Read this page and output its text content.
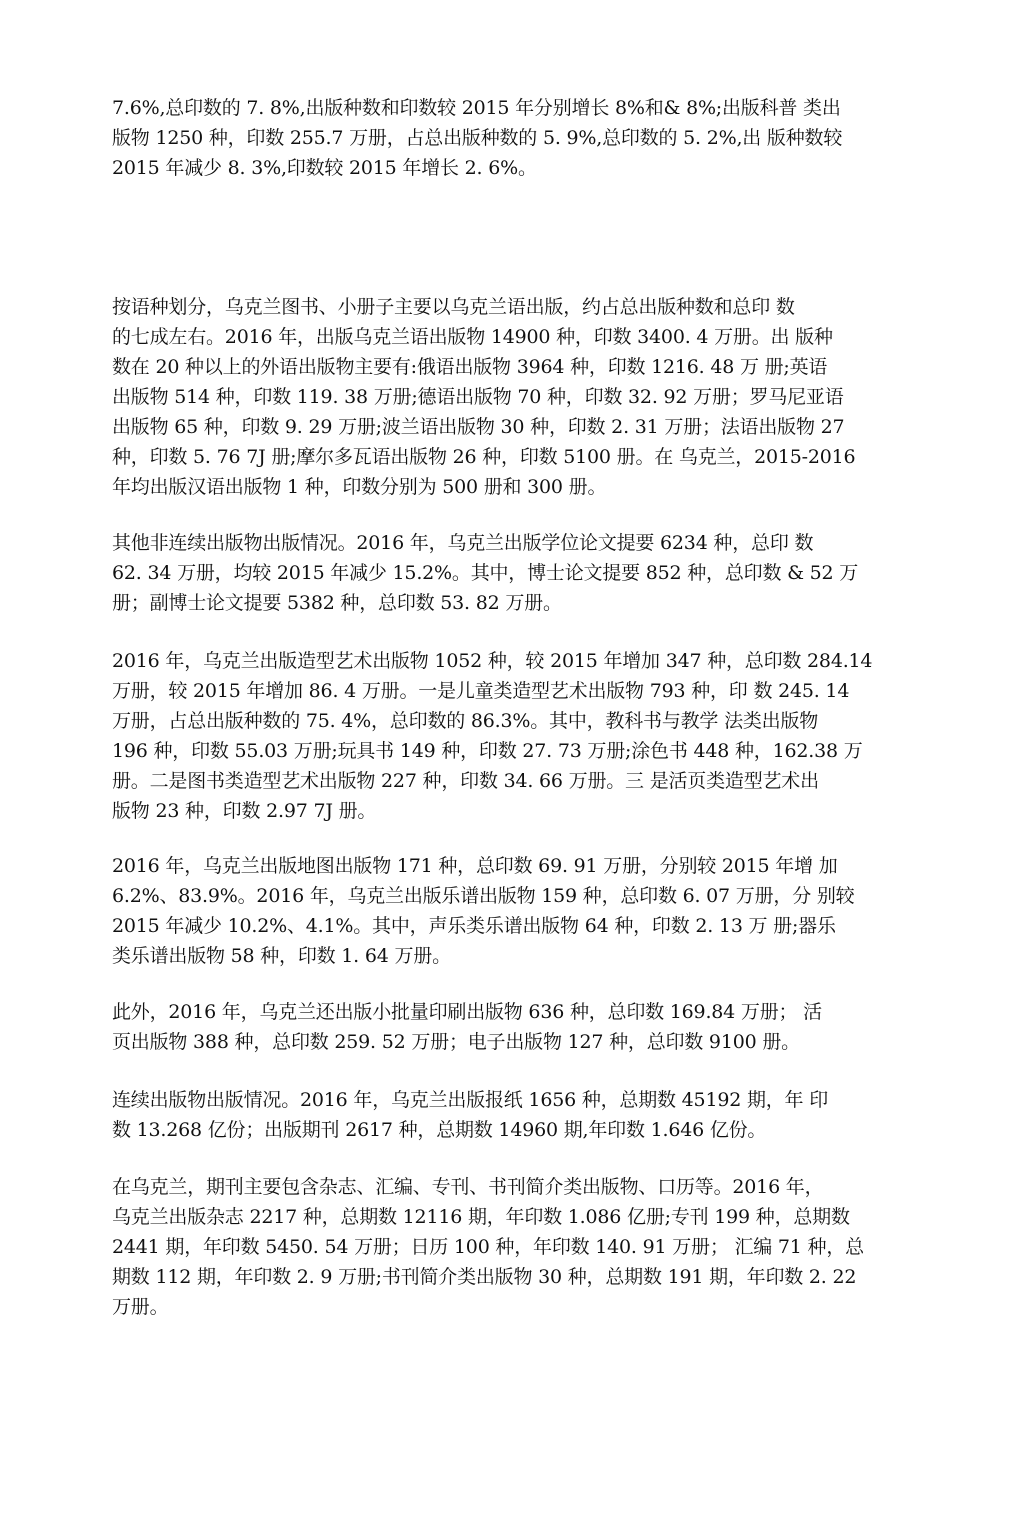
7.6%,总印数的 7. 8%,出版种数和印数较 2015 年分别增长 8%和& 8%;出版科普 类出
版物 1250 种，印数 255.7 万册，占总出版种数的 5. 9%,总印数的 5. 2%,出 版种数较
2015 年减少 8. 3%,印数较 2015 年增长 2. 6%。
按语种划分，乌克兰图书、小册子主要以乌克兰语出版，约占总出版种数和总印 数
的七成左右。2016 年，出版乌克兰语出版物 14900 种，印数 3400. 4 万册。出 版种
数在 20 种以上的外语出版物主要有:俄语出版物 3964 种，印数 1216. 48 万 册;英语
出版物 514 种，印数 119. 38 万册;德语出版物 70 种，印数 32. 92 万册；罗马尼亚语
出版物 65 种，印数 9. 29 万册;波兰语出版物 30 种，印数 2. 31 万册；法语出版物 27
种，印数 5. 76 7J 册;摩尔多瓦语出版物 26 种，印数 5100 册。在 乌克兰，2015-2016
年均出版汉语出版物 1 种，印数分别为 500 册和 300 册。
其他非连续出版物出版情况。2016 年，乌克兰出版学位论文提要 6234 种，总印 数
62. 34 万册，均较 2015 年减少 15.2%。其中，博士论文提要 852 种，总印数 & 52 万
册；副博士论文提要 5382 种，总印数 53. 82 万册。
2016 年，乌克兰出版造型艺术出版物 1052 种，较 2015 年增加 347 种，总印数 284.14
万册，较 2015 年增加 86. 4 万册。一是儿童类造型艺术出版物 793 种，印 数 245. 14
万册，占总出版种数的 75. 4%，总印数的 86.3%。其中，教科书与教学 法类出版物
196 种，印数 55.03 万册;玩具书 149 种，印数 27. 73 万册;涂色书 448 种，162.38 万
册。二是图书类造型艺术出版物 227 种，印数 34. 66 万册。三 是活页类造型艺术出
版物 23 种，印数 2.97 7J 册。
2016 年，乌克兰出版地图出版物 171 种，总印数 69. 91 万册，分别较 2015 年增 加
6.2%、83.9%。2016 年，乌克兰出版乐谱出版物 159 种，总印数 6. 07 万册，分 别较
2015 年减少 10.2%、4.1%。其中，声乐类乐谱出版物 64 种，印数 2. 13 万 册;器乐
类乐谱出版物 58 种，印数 1. 64 万册。
此外，2016 年，乌克兰还出版小批量印刷出版物 636 种，总印数 169.84 万册； 活
页出版物 388 种，总印数 259. 52 万册；电子出版物 127 种，总印数 9100 册。
连续出版物出版情况。2016 年，乌克兰出版报纸 1656 种，总期数 45192 期，年 印
数 13.268 亿份；出版期刊 2617 种，总期数 14960 期,年印数 1.646 亿份。
在乌克兰，期刊主要包含杂志、汇编、专刊、书刊简介类出版物、口历等。2016 年，
乌克兰出版杂志 2217 种，总期数 12116 期，年印数 1.086 亿册;专刊 199 种，总期数
2441 期，年印数 5450. 54 万册；日历 100 种，年印数 140. 91 万册； 汇编 71 种，总
期数 112 期，年印数 2. 9 万册;书刊简介类出版物 30 种，总期数 191 期，年印数 2. 22
万册。
